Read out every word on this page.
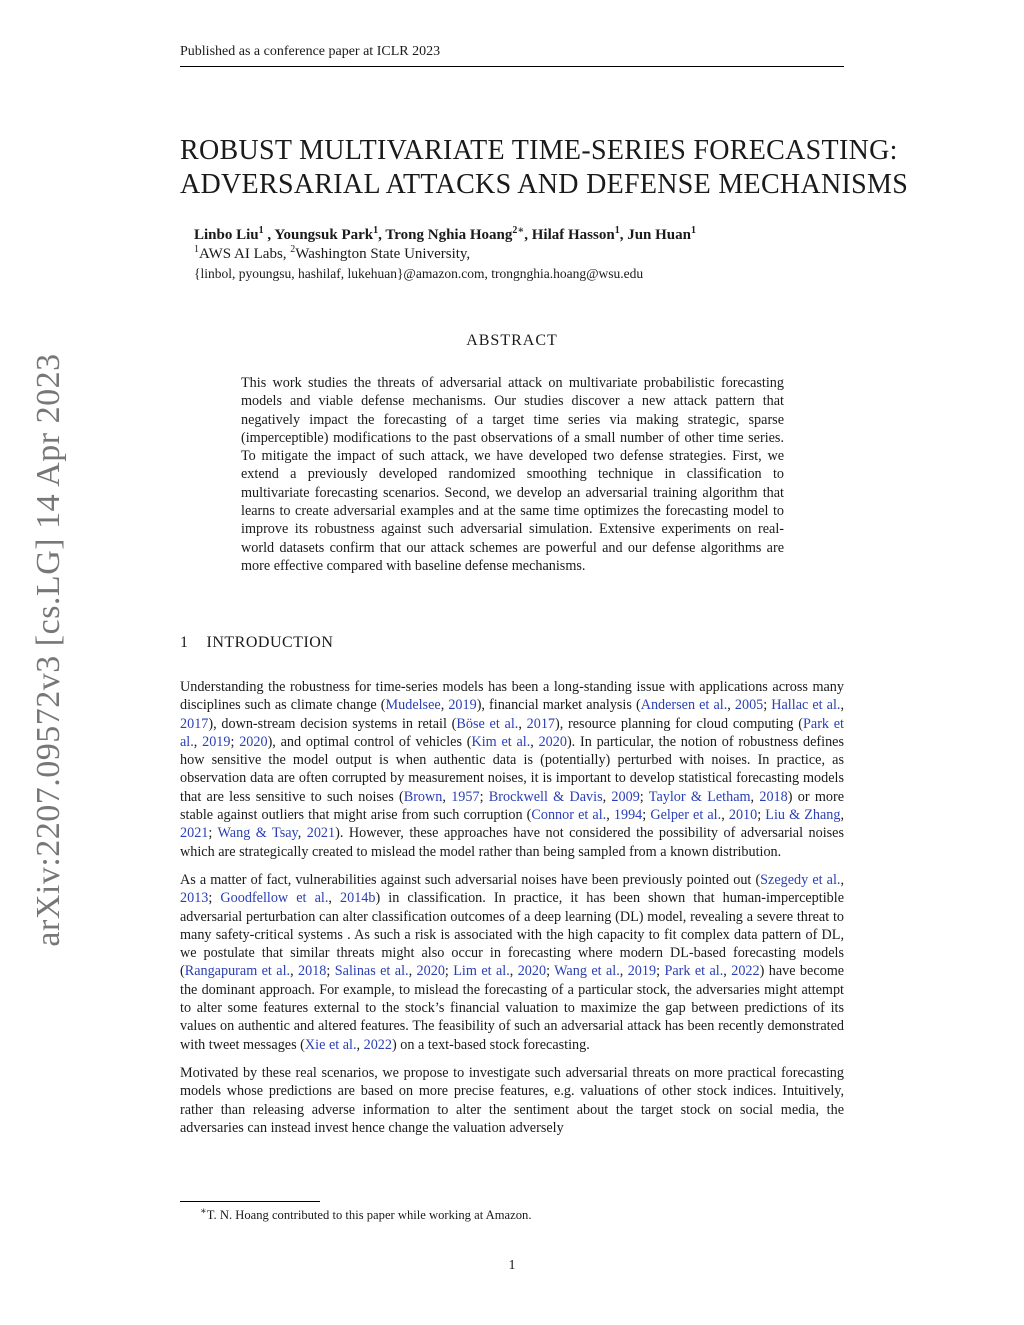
Published as a conference paper at ICLR 2023
arXiv:2207.09572v3 [cs.LG] 14 Apr 2023
ROBUST MULTIVARIATE TIME-SERIES FORECASTING:
ADVERSARIAL ATTACKS AND DEFENSE MECHANISMS
Linbo Liu$^1$ , Youngsuk Park$^1$, Trong Nghia Hoang$^{2∗}$, Hilaf Hasson$^1$, Jun Huan$^1$
$^1$AWS AI Labs, $^2$Washington State University,
{linbol, pyoungsu, hashilaf, lukehuan}@amazon.com, trongnghia.hoang@wsu.edu
ABSTRACT
This work studies the threats of adversarial attack on multivariate probabilistic forecasting models and viable defense mechanisms. Our studies discover a new attack pattern that negatively impact the forecasting of a target time series via making strategic, sparse (imperceptible) modifications to the past observations of a small number of other time series. To mitigate the impact of such attack, we have developed two defense strategies. First, we extend a previously developed randomized smoothing technique in classification to multivariate forecasting scenarios. Second, we develop an adversarial training algorithm that learns to create adversarial examples and at the same time optimizes the forecasting model to improve its robustness against such adversarial simulation. Extensive experiments on real-world datasets confirm that our attack schemes are powerful and our defense algorithms are more effective compared with baseline defense mechanisms.
1 INTRODUCTION

Understanding the robustness for time-series models has been a long-standing issue with applications across many disciplines such as climate change (Mudelsee, 2019), financial market analysis (Andersen et al., 2005; Hallac et al., 2017), down-stream decision systems in retail (Böse et al., 2017), resource planning for cloud computing (Park et al., 2019; 2020), and optimal control of vehicles (Kim et al., 2020). In particular, the notion of robustness defines how sensitive the model output is when authentic data is (potentially) perturbed with noises. In practice, as observation data are often corrupted by measurement noises, it is important to develop statistical forecasting models that are less sensitive to such noises (Brown, 1957; Brockwell & Davis, 2009; Taylor & Letham, 2018) or more stable against outliers that might arise from such corruption (Connor et al., 1994; Gelper et al., 2010; Liu & Zhang, 2021; Wang & Tsay, 2021). However, these approaches have not considered the possibility of adversarial noises which are strategically created to mislead the model rather than being sampled from a known distribution.

As a matter of fact, vulnerabilities against such adversarial noises have been previously pointed out (Szegedy et al., 2013; Goodfellow et al., 2014b) in classification. In practice, it has been shown that human-imperceptible adversarial perturbation can alter classification outcomes of a deep learning (DL) model, revealing a severe threat to many safety-critical systems . As such a risk is associated with the high capacity to fit complex data pattern of DL, we postulate that similar threats might also occur in forecasting where modern DL-based forecasting models (Rangapuram et al., 2018; Salinas et al., 2020; Lim et al., 2020; Wang et al., 2019; Park et al., 2022) have become the dominant approach. For example, to mislead the forecasting of a particular stock, the adversaries might attempt to alter some features external to the stock’s financial valuation to maximize the gap between predictions of its values on authentic and altered features. The feasibility of such an adversarial attack has been recently demonstrated with tweet messages (Xie et al., 2022) on a text-based stock forecasting.

Motivated by these real scenarios, we propose to investigate such adversarial threats on more practical forecasting models whose predictions are based on more precise features, e.g. valuations of other stock indices. Intuitively, rather than releasing adverse information to alter the sentiment about the target stock on social media, the adversaries can instead invest hence change the valuation adversely

∗T. N. Hoang contributed to this paper while working at Amazon.
1
